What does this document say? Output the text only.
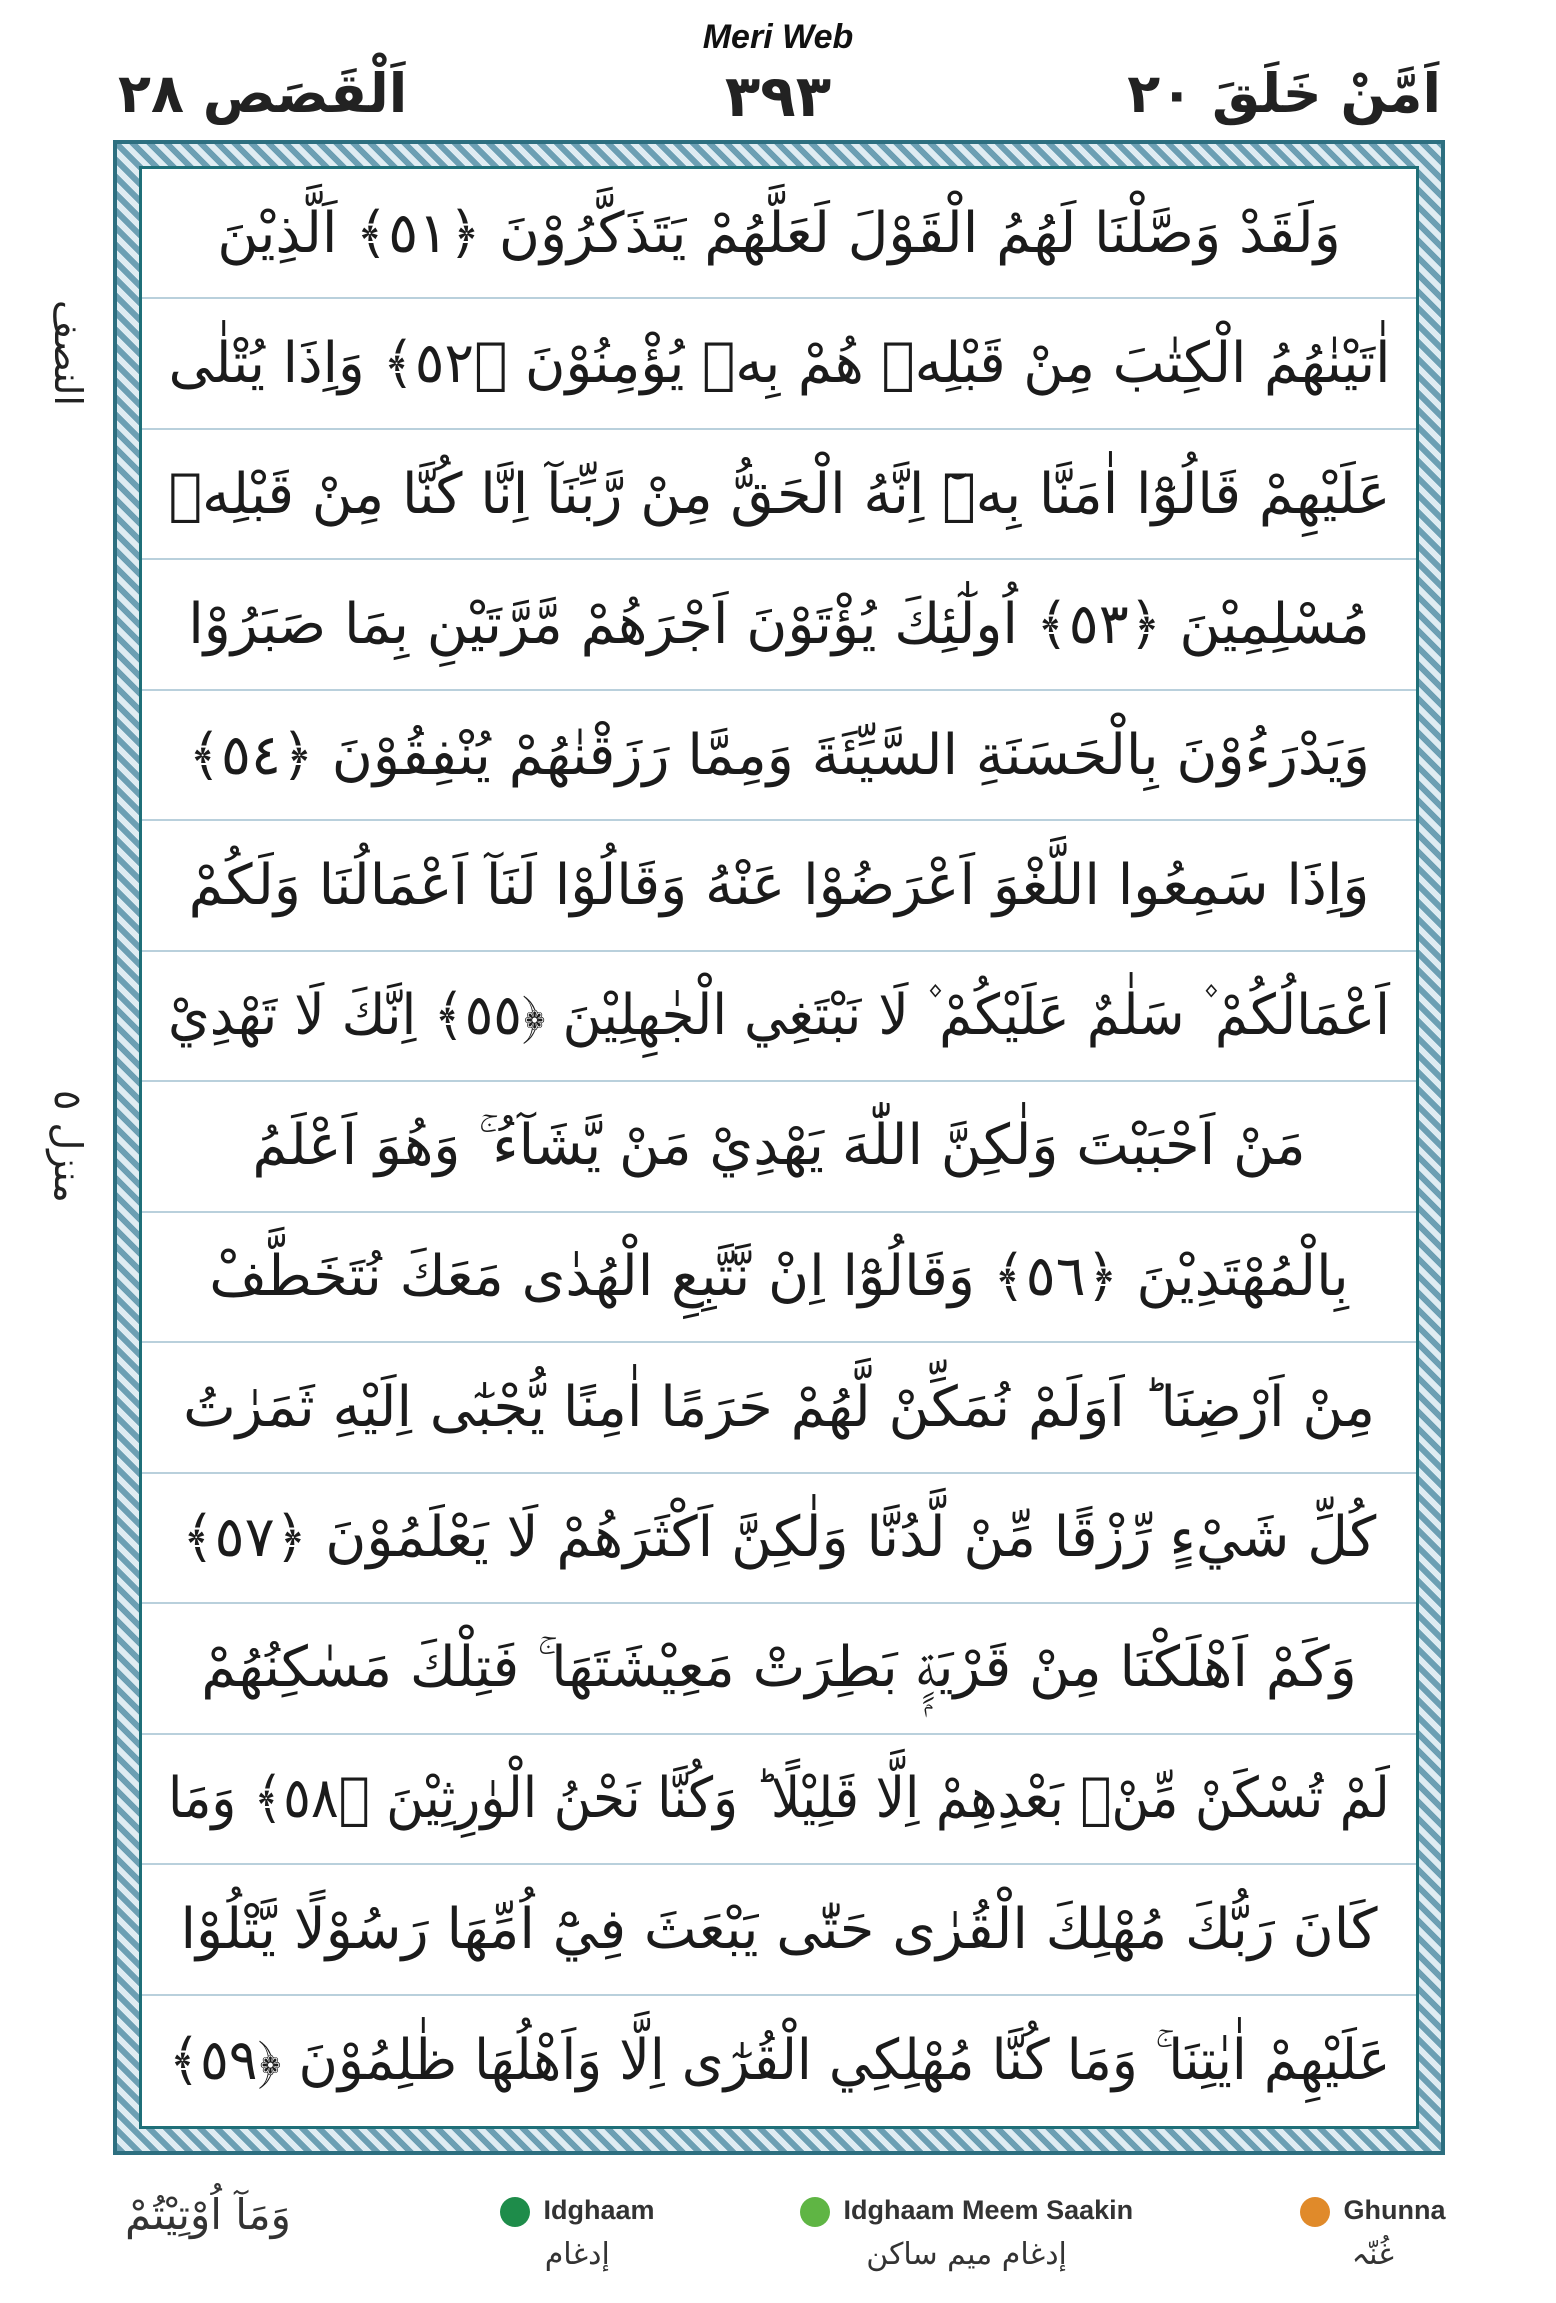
Meri Web
اَلْقَصَص ٢٨	٣٩٣	اَمَّنْ خَلَقَ ٢٠
النصف
منزل ٥
وَلَقَدْ وَصَّلْنَا لَهُمُ الْقَوْلَ لَعَلَّهُمْ يَتَذَكَّرُوْنَ ﴿٥١﴾ اَلَّذِيْنَ
اٰتَيْنٰهُمُ الْكِتٰبَ مِنْ قَبْلِهٖ هُمْ بِهٖ يُؤْمِنُوْنَ ﴿٥٢﴾ وَاِذَا يُتْلٰى
عَلَيْهِمْ قَالُوْٓا اٰمَنَّا بِهٖٓ اِنَّهُ الْحَقُّ مِنْ رَّبِّنَآ اِنَّا كُنَّا مِنْ قَبْلِهٖ
مُسْلِمِيْنَ ﴿٥٣﴾ اُولٰٓئِكَ يُؤْتَوْنَ اَجْرَهُمْ مَّرَّتَيْنِ بِمَا صَبَرُوْا
وَيَدْرَءُوْنَ بِالْحَسَنَةِ السَّيِّئَةَ وَمِمَّا رَزَقْنٰهُمْ يُنْفِقُوْنَ ﴿٥٤﴾
وَاِذَا سَمِعُوا اللَّغْوَ اَعْرَضُوْا عَنْهُ وَقَالُوْا لَنَآ اَعْمَالُنَا وَلَكُمْ
اَعْمَالُكُمْ ۫ سَلٰمٌ عَلَيْكُمْ ۫ لَا نَبْتَغِي الْجٰهِلِيْنَ ﴿٥٥﴾ اِنَّكَ لَا تَهْدِيْ
مَنْ اَحْبَبْتَ وَلٰكِنَّ اللّٰهَ يَهْدِيْ مَنْ يَّشَآءُ ۚ وَهُوَ اَعْلَمُ
بِالْمُهْتَدِيْنَ ﴿٥٦﴾ وَقَالُوْٓا اِنْ نَّتَّبِعِ الْهُدٰى مَعَكَ نُتَخَطَّفْ
مِنْ اَرْضِنَا ؕ اَوَلَمْ نُمَكِّنْ لَّهُمْ حَرَمًا اٰمِنًا يُّجْبٰٓى اِلَيْهِ ثَمَرٰتُ
كُلِّ شَيْءٍ رِّزْقًا مِّنْ لَّدُنَّا وَلٰكِنَّ اَكْثَرَهُمْ لَا يَعْلَمُوْنَ ﴿٥٧﴾
وَكَمْ اَهْلَكْنَا مِنْ قَرْيَةٍۭ بَطِرَتْ مَعِيْشَتَهَا ۚ فَتِلْكَ مَسٰكِنُهُمْ
لَمْ تُسْكَنْ مِّنْۢ بَعْدِهِمْ اِلَّا قَلِيْلًا ؕ وَكُنَّا نَحْنُ الْوٰرِثِيْنَ ﴿٥٨﴾ وَمَا
كَانَ رَبُّكَ مُهْلِكَ الْقُرٰى حَتّٰى يَبْعَثَ فِيْٓ اُمِّهَا رَسُوْلًا يَّتْلُوْا
عَلَيْهِمْ اٰيٰتِنَا ۚ وَمَا كُنَّا مُهْلِكِي الْقُرٰٓى اِلَّا وَاَهْلُهَا ظٰلِمُوْنَ ﴿٥٩﴾
وَمَآ اُوْتِيْتُمْ	Idghaam
إدغام
Idghaam Meem Saakin
إدغام میم ساکن
Ghunna
غُنّہ
